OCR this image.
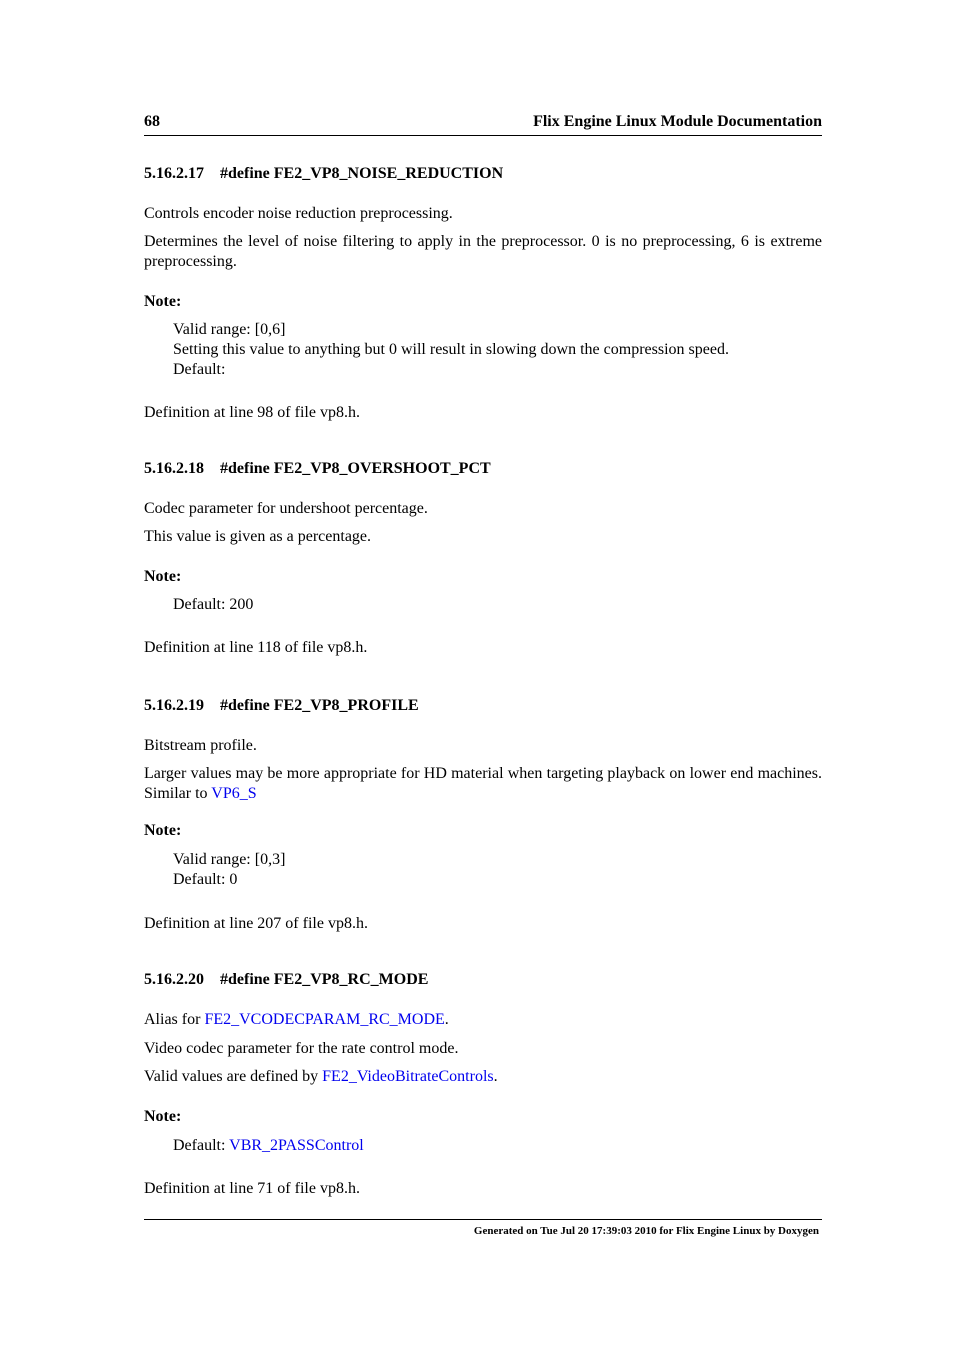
68	Flix Engine Linux Module Documentation
5.16.2.17 #define FE2_VP8_NOISE_REDUCTION

Controls encoder noise reduction preprocessing.

Determines the level of noise filtering to apply in the preprocessor. 0 is no preprocessing, 6 is extreme preprocessing.

Note:

Valid range: [0,6]
Setting this value to anything but 0 will result in slowing down the compression speed.
Default:

Definition at line 98 of file vp8.h.

5.16.2.18 #define FE2_VP8_OVERSHOOT_PCT

Codec parameter for undershoot percentage.

This value is given as a percentage.

Note:

Default: 200

Definition at line 118 of file vp8.h.

5.16.2.19 #define FE2_VP8_PROFILE

Bitstream profile.

Larger values may be more appropriate for HD material when targeting playback on lower end machines. Similar to VP6_S

Note:

Valid range: [0,3]
Default: 0

Definition at line 207 of file vp8.h.

5.16.2.20 #define FE2_VP8_RC_MODE

Alias for FE2_VCODECPARAM_RC_MODE.

Video codec parameter for the rate control mode.

Valid values are defined by FE2_VideoBitrateControls.

Note:

Default: VBR_2PASSControl

Definition at line 71 of file vp8.h.

Generated on Tue Jul 20 17:39:03 2010 for Flix Engine Linux by Doxygen
